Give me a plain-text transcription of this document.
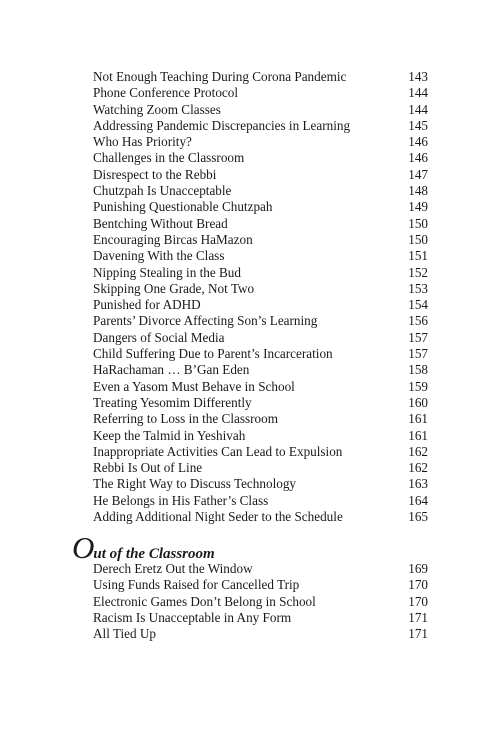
Not Enough Teaching During Corona Pandemic	143
Phone Conference Protocol	144
Watching Zoom Classes	144
Addressing Pandemic Discrepancies in Learning	145
Who Has Priority?	146
Challenges in the Classroom	146
Disrespect to the Rebbi	147
Chutzpah Is Unacceptable	148
Punishing Questionable Chutzpah	149
Bentching Without Bread	150
Encouraging Bircas HaMazon	150
Davening With the Class	151
Nipping Stealing in the Bud	152
Skipping One Grade, Not Two	153
Punished for ADHD	154
Parents’ Divorce Affecting Son’s Learning	156
Dangers of Social Media	157
Child Suffering Due to Parent’s Incarceration	157
HaRachaman … B’Gan Eden	158
Even a Yasom Must Behave in School	159
Treating Yesomim Differently	160
Referring to Loss in the Classroom	161
Keep the Talmid in Yeshivah	161
Inappropriate Activities Can Lead to Expulsion	162
Rebbi Is Out of Line	162
The Right Way to Discuss Technology	163
He Belongs in His Father’s Class	164
Adding Additional Night Seder to the Schedule	165
Out of the Classroom
Derech Eretz Out the Window	169
Using Funds Raised for Cancelled Trip	170
Electronic Games Don’t Belong in School	170
Racism Is Unacceptable in Any Form	171
All Tied Up	171
